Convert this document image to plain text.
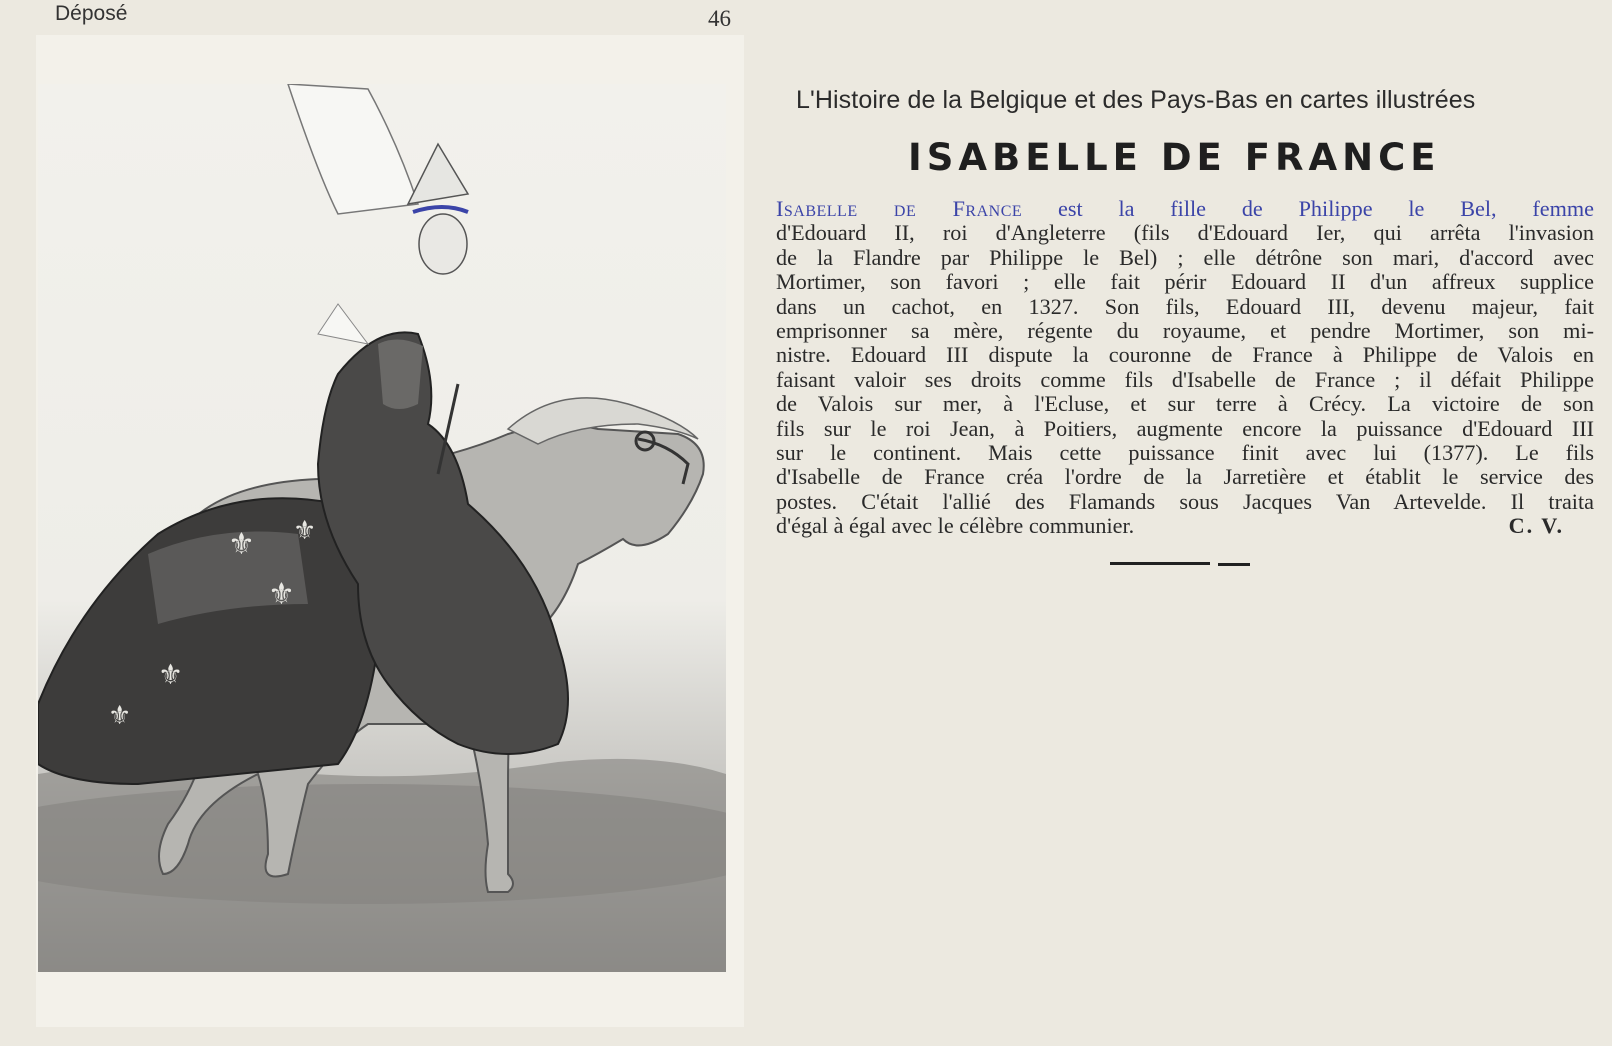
Déposé	46
⚜
⚜
⚜
⚜
⚜
L'Histoire de la Belgique et des Pays-Bas en cartes illustrées
ISABELLE DE FRANCE
Isabelle de France est la fille de Philippe le Bel, femme
d'Edouard II, roi d'Angleterre (fils d'Edouard Ier, qui arrêta l'invasion
de la Flandre par Philippe le Bel) ; elle détrône son mari, d'accord avec
Mortimer, son favori ; elle fait périr Edouard II d'un affreux supplice
dans un cachot, en 1327. Son fils, Edouard III, devenu majeur, fait
emprisonner sa mère, régente du royaume, et pendre Mortimer, son mi-
nistre. Edouard III dispute la couronne de France à Philippe de Valois en
faisant valoir ses droits comme fils d'Isabelle de France ; il défait Philippe
de Valois sur mer, à l'Ecluse, et sur terre à Crécy. La victoire de son
fils sur le roi Jean, à Poitiers, augmente encore la puissance d'Edouard III
sur le continent. Mais cette puissance finit avec lui (1377). Le fils
d'Isabelle de France créa l'ordre de la Jarretière et établit le service des
postes. C'était l'allié des Flamands sous Jacques Van Artevelde. Il traita
d'égal à égal avec le célèbre communier.	C. V.
